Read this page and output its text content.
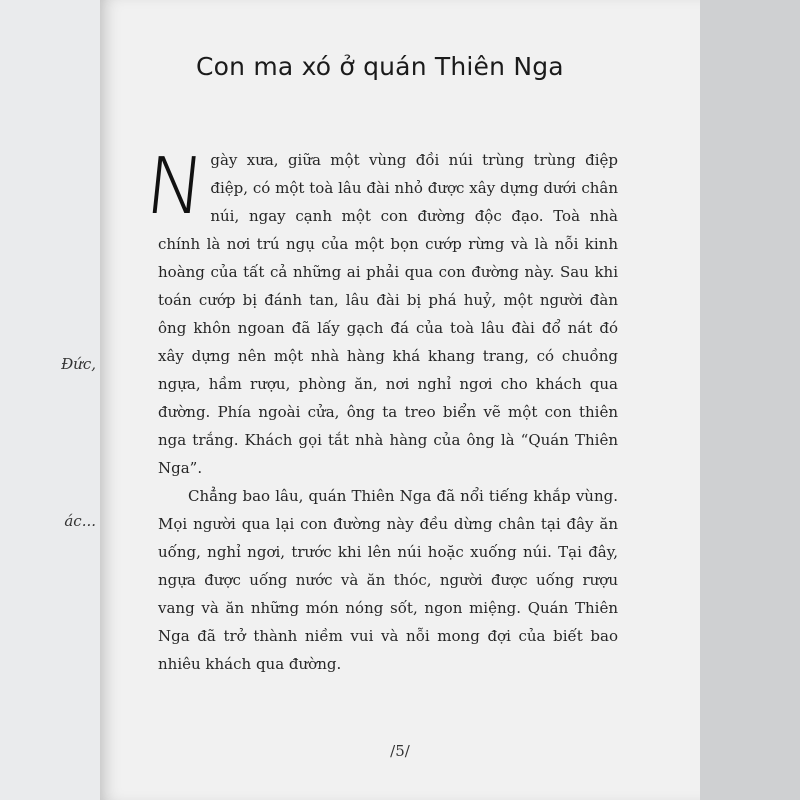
Đức,
ác...
Con ma xó ở quán Thiên Nga

Ngày xưa, giữa một vùng đồi núi trùng trùng điệp điệp, có một toà lâu đài nhỏ được xây dựng dưới chân núi, ngay cạnh một con đường độc đạo. Toà nhà chính là nơi trú ngụ của một bọn cướp rừng và là nỗi kinh hoàng của tất cả những ai phải qua con đường này. Sau khi toán cướp bị đánh tan, lâu đài bị phá huỷ, một người đàn ông khôn ngoan đã lấy gạch đá của toà lâu đài đổ nát đó xây dựng nên một nhà hàng khá khang trang, có chuồng ngựa, hầm rượu, phòng ăn, nơi nghỉ ngơi cho khách qua đường. Phía ngoài cửa, ông ta treo biển vẽ một con thiên nga trắng. Khách gọi tắt nhà hàng của ông là “Quán Thiên Nga”.

Chẳng bao lâu, quán Thiên Nga đã nổi tiếng khắp vùng. Mọi người qua lại con đường này đều dừng chân tại đây ăn uống, nghỉ ngơi, trước khi lên núi hoặc xuống núi. Tại đây, ngựa được uống nước và ăn thóc, người được uống rượu vang và ăn những món nóng sốt, ngon miệng. Quán Thiên Nga đã trở thành niềm vui và nỗi mong đợi của biết bao nhiêu khách qua đường.

/5/
